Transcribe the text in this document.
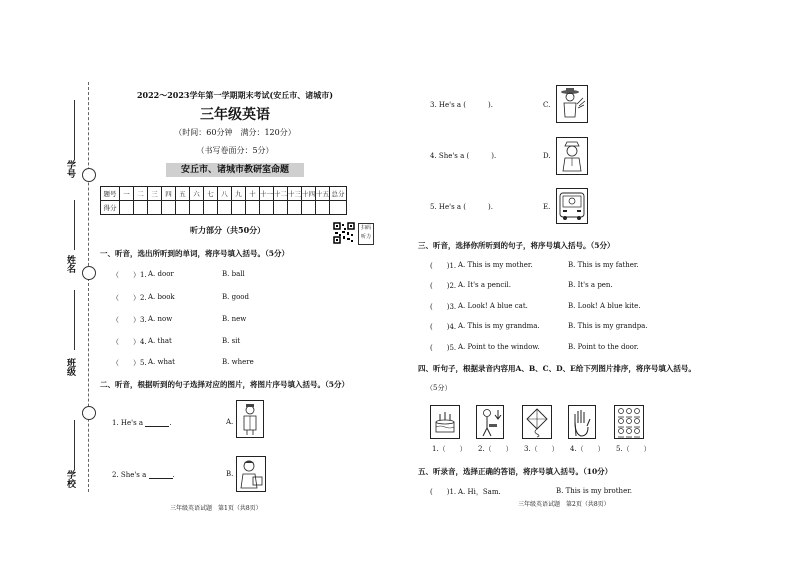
学号
姓名
班级
学校
2022～2023学年第一学期期末考试(安丘市、诸城市)
三年级英语
（时间：60分钟　满分：120分）
（书写卷面分：5分）
安丘市、诸城市教研室命题
题号	一	二	三	四	五	六	七	八	九	十	十一	十二	十三	十四	十五	总分
得分																
听力部分（共50分）	扫码
听力
一、听音，选出所听到的单词，将序号填入括号。（5分）
（　　）1. A. door	B. ball
（　　）2. A. book	B. good
（　　）3. A. now	B. new
（　　）4. A. that	B. sit
（　　）5. A. what	B. where
二、听音，根据听到的句子选择对应的图片，将图片序号填入括号。（5分）
1. He's a	.	A.
2. She's a	.	B.
三年级英语试题　第1页（共8页）
3. He's a (	).	C.
4. She's a (	).	D.
5. He's a (	).	E.
三、听音，选择你所听到的句子，将序号填入括号。（5分）
(　　)1. A. This is my mother.	B. This is my father.
(　　)2. A. It's a pencil.	B. It's a pen.
(　　)3. A. Look! A blue cat.	B. Look! A blue kite.
(　　)4. A. This is my grandma.	B. This is my grandpa.
(　　)5. A. Point to the window.	B. Point to the door.
四、听句子，根据录音内容用A、B、C、D、E给下列图片排序，将序号填入括号。
（5分）
1.（　　） 2.（　　） 3.（　　） 4.（　　） 5.（　　）
五、听录音，选择正确的答语，将序号填入括号。（10分）
(　　)1. A. Hi，Sam.	B. This is my brother.
三年级英语试题　第2页（共8页）
